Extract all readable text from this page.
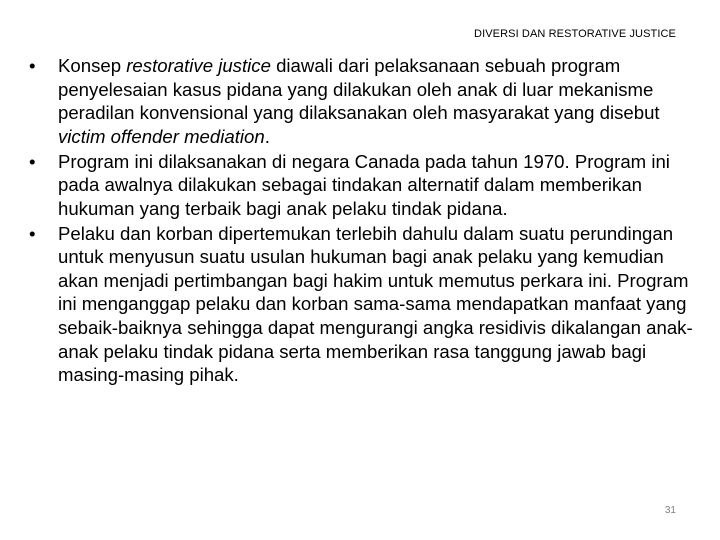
DIVERSI DAN RESTORATIVE JUSTICE
•	Konsep restorative justice diawali dari pelaksanaan sebuah program penyelesaian kasus pidana yang dilakukan oleh anak di luar mekanisme peradilan konvensional yang dilaksanakan oleh masyarakat yang disebut victim offender mediation.
•	Program ini dilaksanakan di negara Canada pada tahun 1970. Program ini pada awalnya dilakukan sebagai tindakan alternatif dalam memberikan hukuman yang terbaik bagi anak pelaku tindak pidana.
•	Pelaku dan korban dipertemukan terlebih dahulu dalam suatu perundingan untuk menyusun suatu usulan hukuman bagi anak pelaku yang kemudian akan menjadi pertimbangan bagi hakim untuk memutus perkara ini. Program ini menganggap pelaku dan korban sama-sama mendapatkan manfaat yang sebaik-baiknya sehingga dapat mengurangi angka residivis dikalangan anak-anak pelaku tindak pidana serta memberikan rasa tanggung jawab bagi masing-masing pihak.
31
